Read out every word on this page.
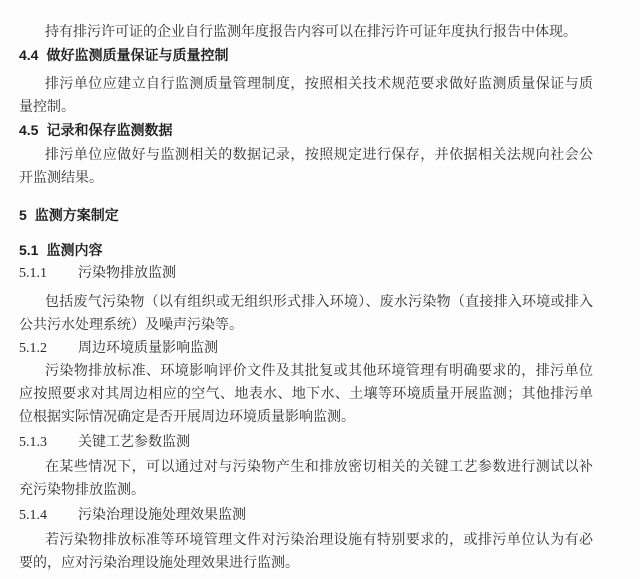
持有排污许可证的企业自行监测年度报告内容可以在排污许可证年度执行报告中体现。
4.4 做好监测质量保证与质量控制
排污单位应建立自行监测质量管理制度，按照相关技术规范要求做好监测质量保证与质
量控制。
4.5 记录和保存监测数据
排污单位应做好与监测相关的数据记录，按照规定进行保存，并依据相关法规向社会公
开监测结果。
5 监测方案制定
5.1 监测内容
5.1.1 污染物排放监测
包括废气污染物（以有组织或无组织形式排入环境）、废水污染物（直接排入环境或排入
公共污水处理系统）及噪声污染等。
5.1.2 周边环境质量影响监测
污染物排放标准、环境影响评价文件及其批复或其他环境管理有明确要求的，排污单位
应按照要求对其周边相应的空气、地表水、地下水、土壤等环境质量开展监测；其他排污单
位根据实际情况确定是否开展周边环境质量影响监测。
5.1.3 关键工艺参数监测
在某些情况下，可以通过对与污染物产生和排放密切相关的关键工艺参数进行测试以补
充污染物排放监测。
5.1.4 污染治理设施处理效果监测
若污染物排放标准等环境管理文件对污染治理设施有特别要求的，或排污单位认为有必
要的，应对污染治理设施处理效果进行监测。
